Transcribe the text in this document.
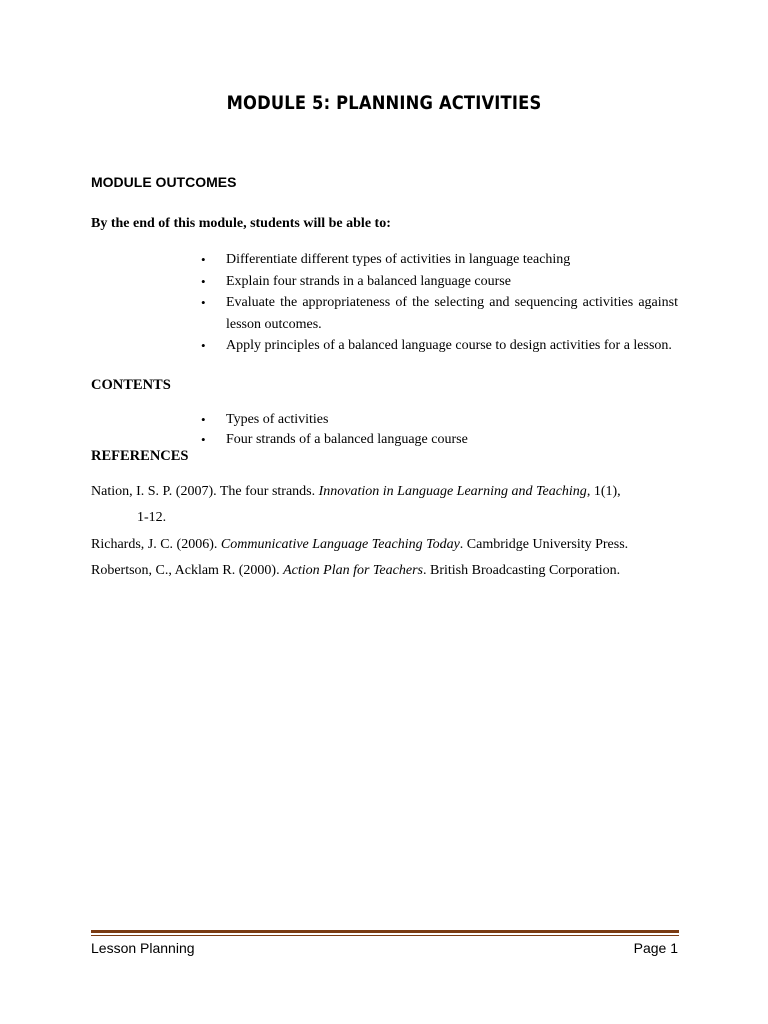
MODULE 5: PLANNING ACTIVITIES
MODULE OUTCOMES
By the end of this module, students will be able to:
• Differentiate different types of activities in language teaching
• Explain four strands in a balanced language course
• Evaluate the appropriateness of the selecting and sequencing activities against lesson outcomes.
• Apply principles of a balanced language course to design activities for a lesson.
CONTENTS
• Types of activities
• Four strands of a balanced language course
REFERENCES
Nation, I. S. P. (2007). The four strands. Innovation in Language Learning and Teaching, 1(1),
1-12.
Richards, J. C. (2006). Communicative Language Teaching Today. Cambridge University Press.
Robertson, C., Acklam R. (2000). Action Plan for Teachers. British Broadcasting Corporation.
Lesson Planning	Page 1
